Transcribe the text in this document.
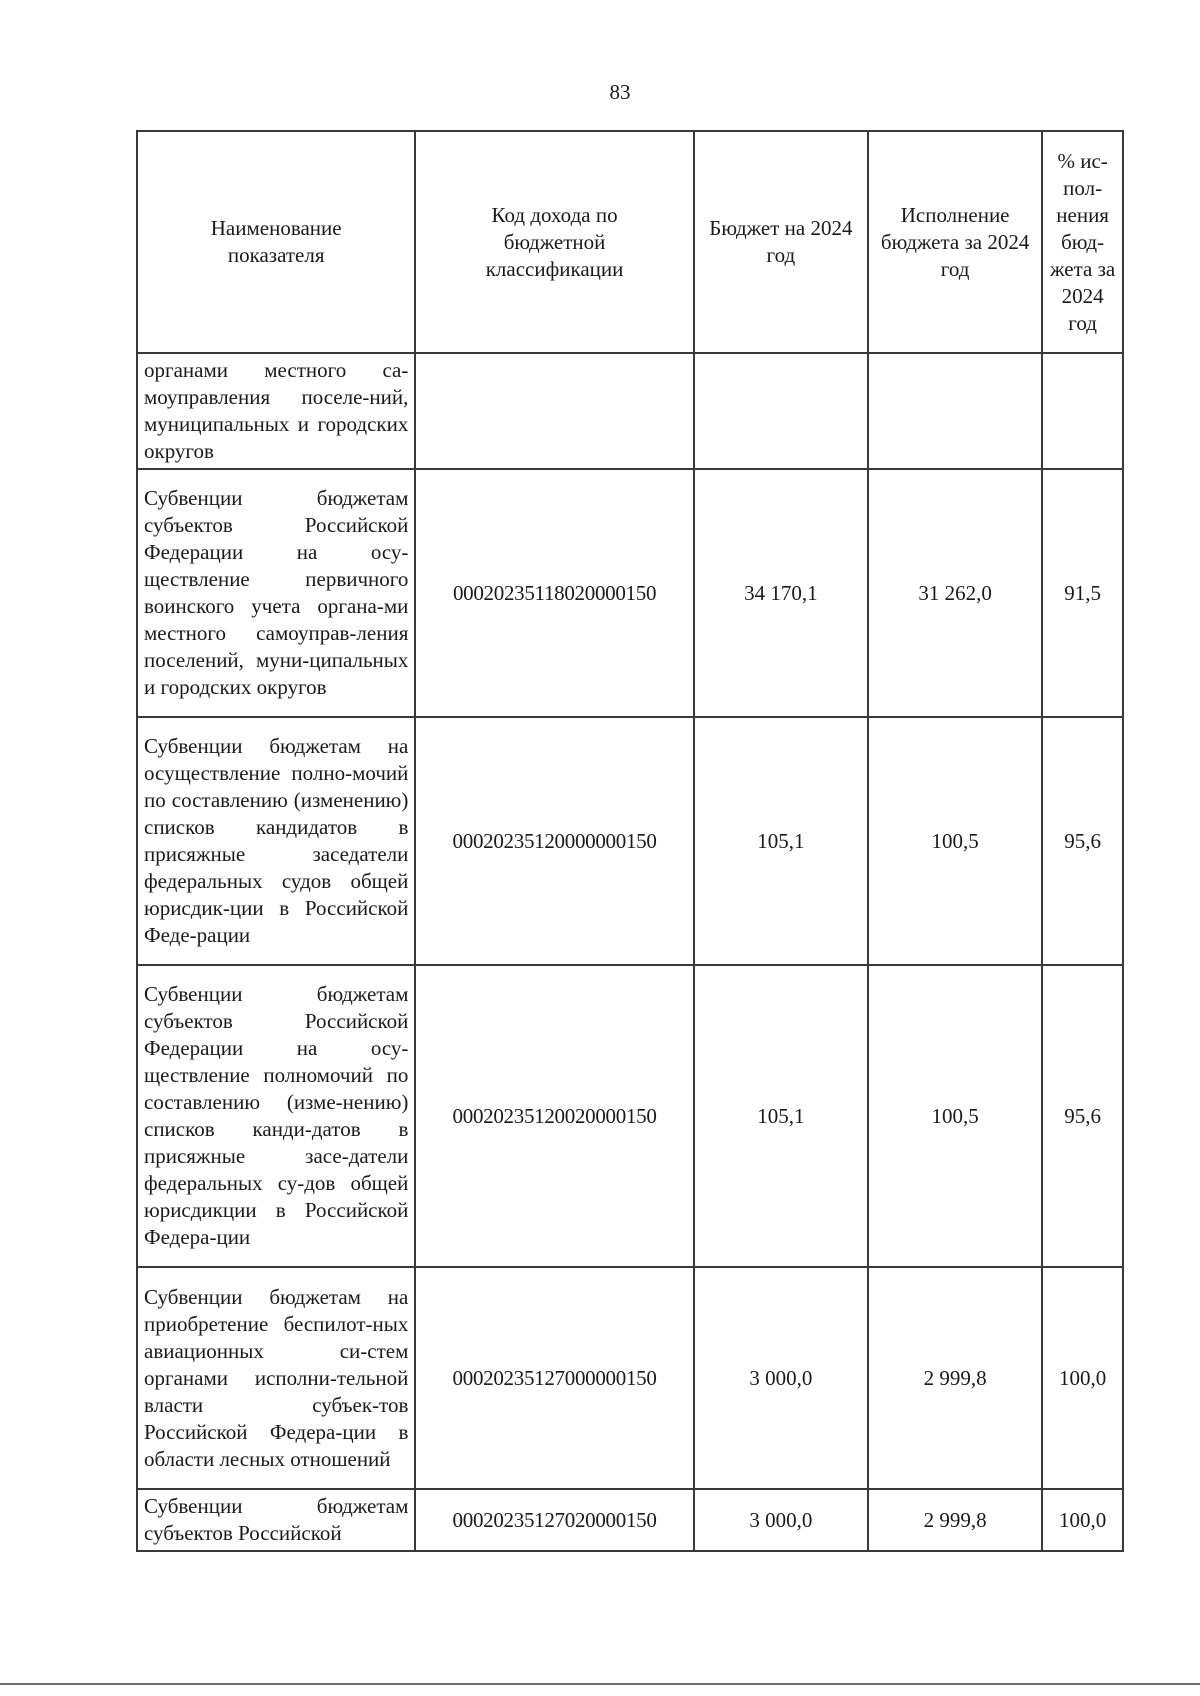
83
Наименование показателя	Код дохода по бюджетной классификации	Бюджет на 2024 год	Исполнение бюджета за 2024 год	% ис-пол-нения бюд-жета за 2024 год
органами местного са-моуправления поселе-ний, муниципальных и городских округов				
Субвенции бюджетам субъектов Российской Федерации на осу-ществление первичного воинского учета органа-ми местного самоуправ-ления поселений, муни-ципальных и городских округов	00020235118020000150	34 170,1	31 262,0	91,5
Субвенции бюджетам на осуществление полно-мочий по составлению (изменению) списков кандидатов в присяжные заседатели федеральных судов общей юрисдик-ции в Российской Феде-рации	00020235120000000150	105,1	100,5	95,6
Субвенции бюджетам субъектов Российской Федерации на осу-ществление полномочий по составлению (изме-нению) списков канди-датов в присяжные засе-датели федеральных су-дов общей юрисдикции в Российской Федера-ции	00020235120020000150	105,1	100,5	95,6
Субвенции бюджетам на приобретение беспилот-ных авиационных си-стем органами исполни-тельной власти субъек-тов Российской Федера-ции в области лесных отношений	00020235127000000150	3 000,0	2 999,8	100,0
Субвенции бюджетам субъектов Российской	00020235127020000150	3 000,0	2 999,8	100,0
